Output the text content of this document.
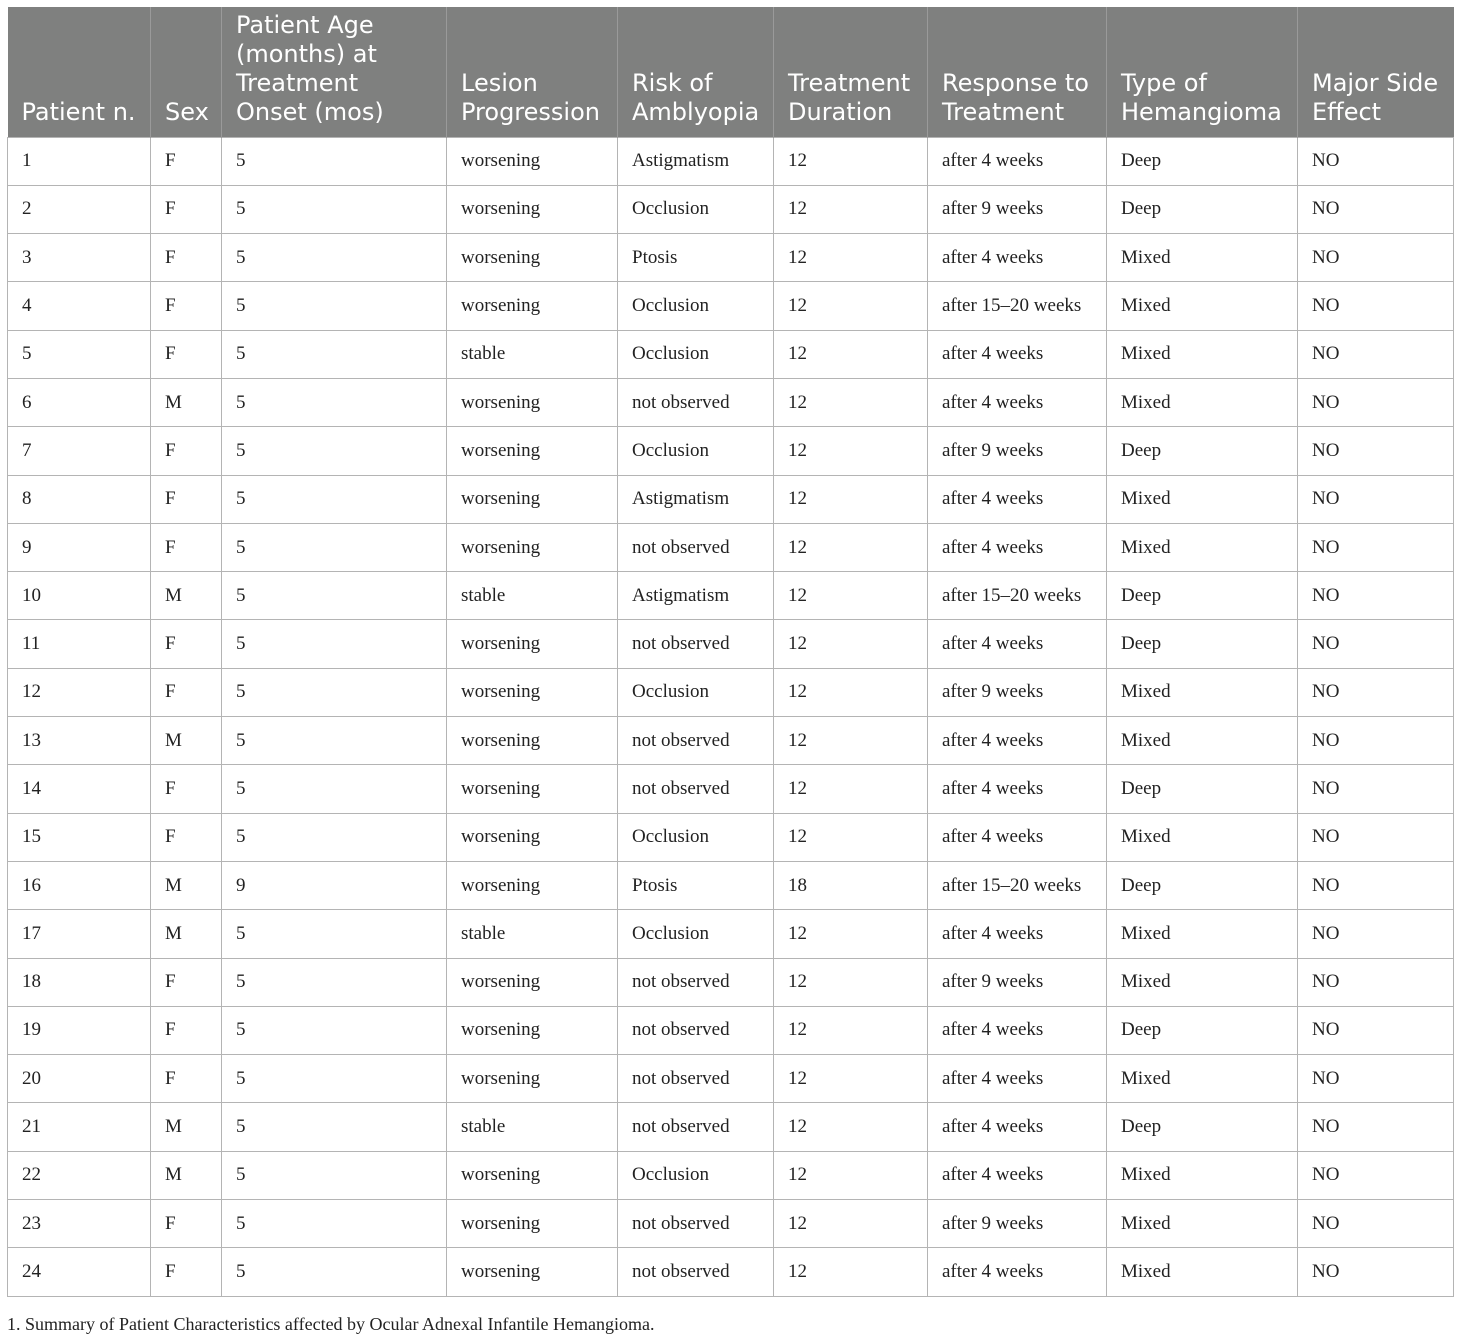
Patient n.	Sex	Patient Age (months) at Treatment Onset (mos)	Lesion Progression	Risk of Amblyopia	Treatment Duration	Response to Treatment	Type of Hemangioma	Major Side Effect
1	F	5	worsening	Astigmatism	12	after 4 weeks	Deep	NO
2	F	5	worsening	Occlusion	12	after 9 weeks	Deep	NO
3	F	5	worsening	Ptosis	12	after 4 weeks	Mixed	NO
4	F	5	worsening	Occlusion	12	after 15–20 weeks	Mixed	NO
5	F	5	stable	Occlusion	12	after 4 weeks	Mixed	NO
6	M	5	worsening	not observed	12	after 4 weeks	Mixed	NO
7	F	5	worsening	Occlusion	12	after 9 weeks	Deep	NO
8	F	5	worsening	Astigmatism	12	after 4 weeks	Mixed	NO
9	F	5	worsening	not observed	12	after 4 weeks	Mixed	NO
10	M	5	stable	Astigmatism	12	after 15–20 weeks	Deep	NO
11	F	5	worsening	not observed	12	after 4 weeks	Deep	NO
12	F	5	worsening	Occlusion	12	after 9 weeks	Mixed	NO
13	M	5	worsening	not observed	12	after 4 weeks	Mixed	NO
14	F	5	worsening	not observed	12	after 4 weeks	Deep	NO
15	F	5	worsening	Occlusion	12	after 4 weeks	Mixed	NO
16	M	9	worsening	Ptosis	18	after 15–20 weeks	Deep	NO
17	M	5	stable	Occlusion	12	after 4 weeks	Mixed	NO
18	F	5	worsening	not observed	12	after 9 weeks	Mixed	NO
19	F	5	worsening	not observed	12	after 4 weeks	Deep	NO
20	F	5	worsening	not observed	12	after 4 weeks	Mixed	NO
21	M	5	stable	not observed	12	after 4 weeks	Deep	NO
22	M	5	worsening	Occlusion	12	after 4 weeks	Mixed	NO
23	F	5	worsening	not observed	12	after 9 weeks	Mixed	NO
24	F	5	worsening	not observed	12	after 4 weeks	Mixed	NO
1. Summary of Patient Characteristics affected by Ocular Adnexal Infantile Hemangioma.
